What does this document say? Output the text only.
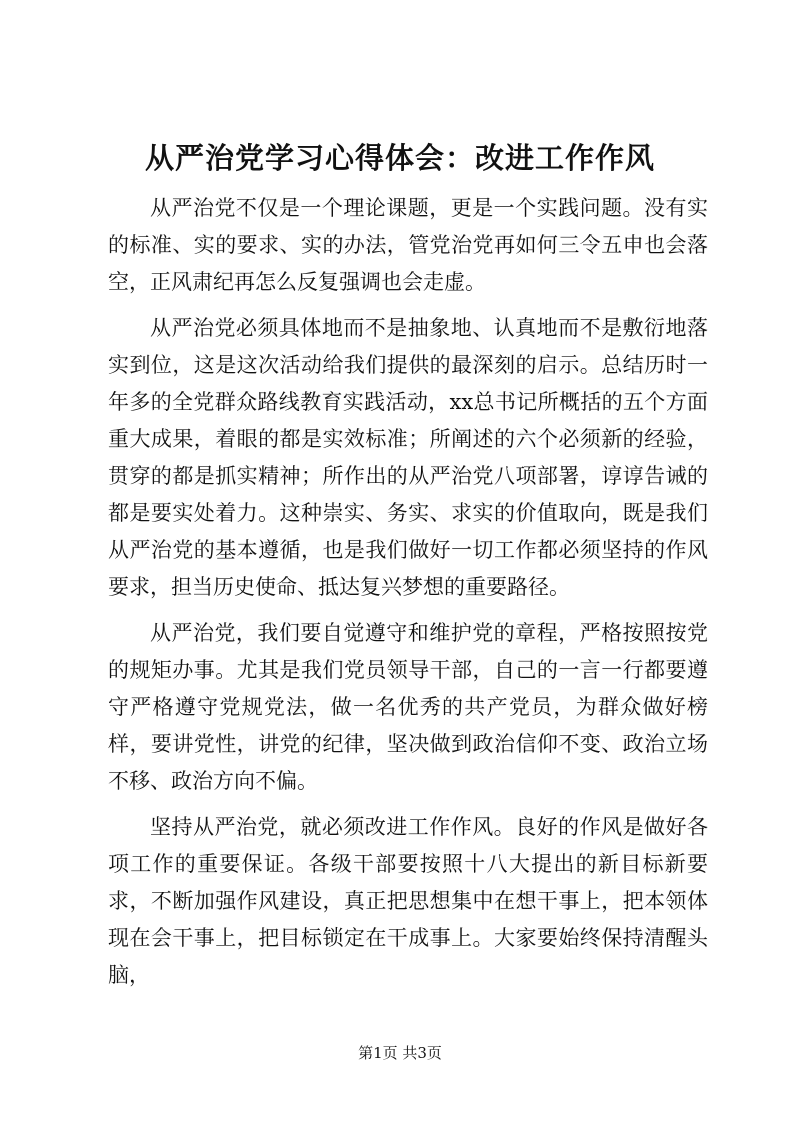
从严治党学习心得体会：改进工作作风

从严治党不仅是一个理论课题，更是一个实践问题。没有实的标准、实的要求、实的办法，管党治党再如何三令五申也会落空，正风肃纪再怎么反复强调也会走虚。

从严治党必须具体地而不是抽象地、认真地而不是敷衍地落实到位，这是这次活动给我们提供的最深刻的启示。总结历时一年多的全党群众路线教育实践活动，xx总书记所概括的五个方面重大成果，着眼的都是实效标准；所阐述的六个必须新的经验，贯穿的都是抓实精神；所作出的从严治党八项部署，谆谆告诫的都是要实处着力。这种崇实、务实、求实的价值取向，既是我们从严治党的基本遵循，也是我们做好一切工作都必须坚持的作风要求，担当历史使命、抵达复兴梦想的重要路径。

从严治党，我们要自觉遵守和维护党的章程，严格按照按党的规矩办事。尤其是我们党员领导干部，自己的一言一行都要遵守严格遵守党规党法，做一名优秀的共产党员，为群众做好榜样，要讲党性，讲党的纪律，坚决做到政治信仰不变、政治立场不移、政治方向不偏。

坚持从严治党，就必须改进工作作风。良好的作风是做好各项工作的重要保证。各级干部要按照十八大提出的新目标新要求，不断加强作风建设，真正把思想集中在想干事上，把本领体现在会干事上，把目标锁定在干成事上。大家要始终保持清醒头脑，

第1页 共3页
